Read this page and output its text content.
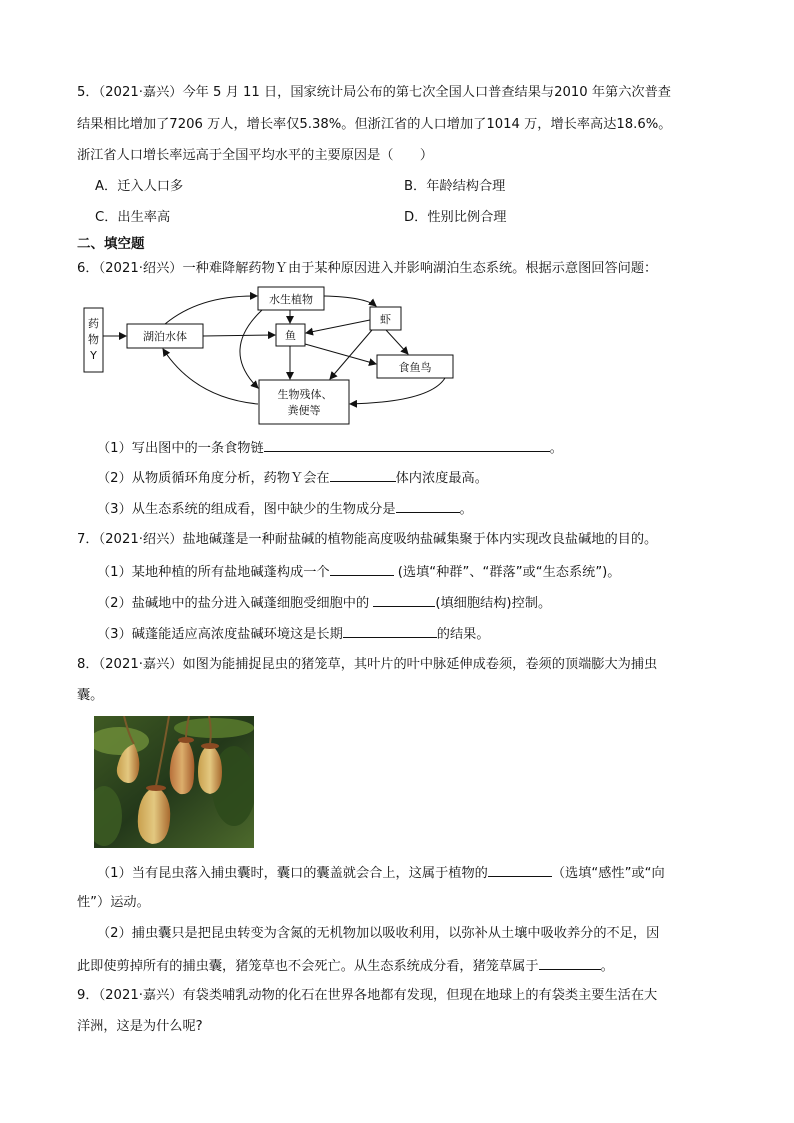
5．（2021·嘉兴）今年 5 月 11 日，国家统计局公布的第七次全国人口普查结果与2010 年第六次普查
结果相比增加了7206 万人，增长率仅5.38%。但浙江省的人口增加了1014 万，增长率高达18.6%。
浙江省人口增长率远高于全国平均水平的主要原因是（　　）
A．迁入人口多	B．年龄结构合理
C．出生率高	D．性别比例合理
二、填空题
6．（2021·绍兴）一种难降解药物Ｙ由于某种原因进入并影响湖泊生态系统。根据示意图回答问题：
药
物
Y
湖泊水体
水生植物
鱼
虾
食鱼鸟
生物残体、
粪便等
（1）写出图中的一条食物链	。
（2）从物质循环角度分析，药物Ｙ会在	体内浓度最高。
（3）从生态系统的组成看，图中缺少的生物成分是	。
7．（2021·绍兴）盐地碱蓬是一种耐盐碱的植物能高度吸纳盐碱集聚于体内实现改良盐碱地的目的。
（1）某地种植的所有盐地碱蓬构成一个	(选填“种群”、“群落”或“生态系统”)。
（2）盐碱地中的盐分进入碱蓬细胞受细胞中的	(填细胞结构)控制。
（3）碱蓬能适应高浓度盐碱环境这是长期	的结果。
8．（2021·嘉兴）如图为能捕捉昆虫的猪笼草，其叶片的叶中脉延伸成卷须，卷须的顶端膨大为捕虫
囊。
（1）当有昆虫落入捕虫囊时，囊口的囊盖就会合上，这属于植物的	（选填“感性”或“向
性”）运动。
（2）捕虫囊只是把昆虫转变为含氮的无机物加以吸收利用，以弥补从土壤中吸收养分的不足，因
此即使剪掉所有的捕虫囊，猪笼草也不会死亡。从生态系统成分看，猪笼草属于	。
9．（2021·嘉兴）有袋类哺乳动物的化石在世界各地都有发现，但现在地球上的有袋类主要生活在大
洋洲，这是为什么呢?
